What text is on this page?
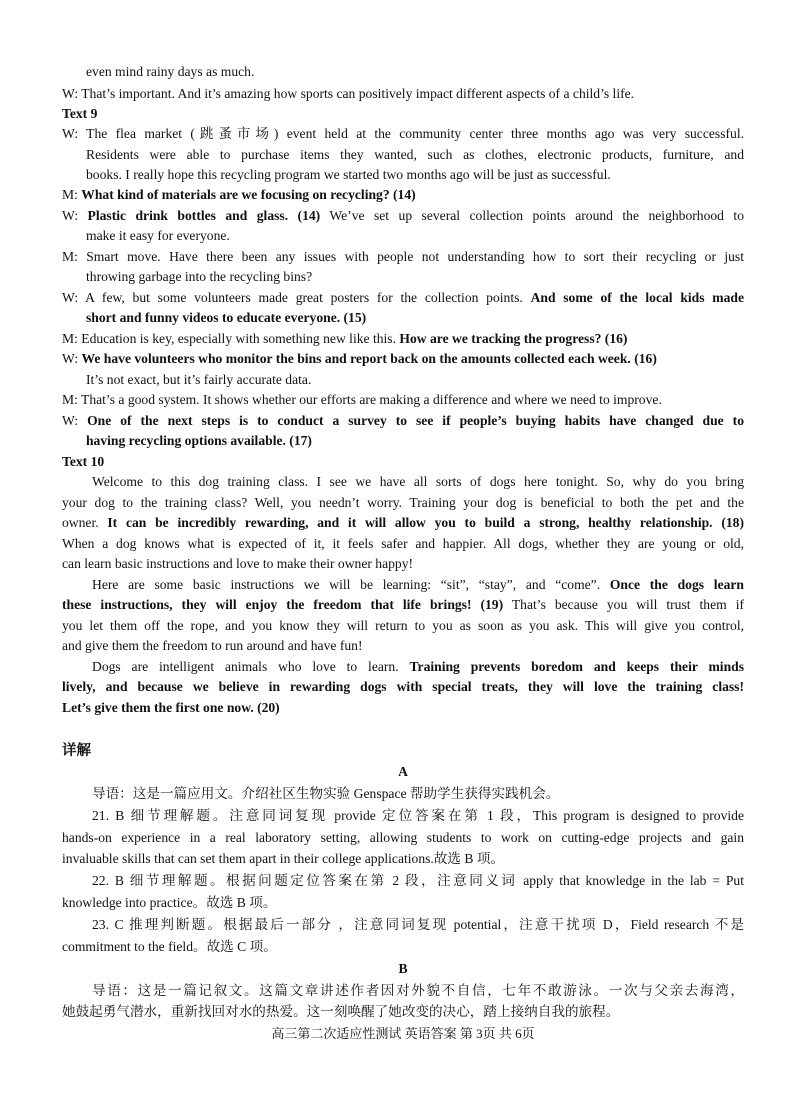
even mind rainy days as much.
W: That’s important. And it’s amazing how sports can positively impact different aspects of a child’s life.
Text 9
W: The flea market (跳蚤市场) event held at the community center three months ago was very successful.
Residents were able to purchase items they wanted, such as clothes, electronic products, furniture, and
books. I really hope this recycling program we started two months ago will be just as successful.
M: What kind of materials are we focusing on recycling? (14)
W: Plastic drink bottles and glass. (14) We’ve set up several collection points around the neighborhood to
make it easy for everyone.
M: Smart move. Have there been any issues with people not understanding how to sort their recycling or just
throwing garbage into the recycling bins?
W: A few, but some volunteers made great posters for the collection points. And some of the local kids made
short and funny videos to educate everyone. (15)
M: Education is key, especially with something new like this. How are we tracking the progress? (16)
W: We have volunteers who monitor the bins and report back on the amounts collected each week. (16)
It’s not exact, but it’s fairly accurate data.
M: That’s a good system. It shows whether our efforts are making a difference and where we need to improve.
W: One of the next steps is to conduct a survey to see if people’s buying habits have changed due to
having recycling options available. (17)
Text 10
Welcome to this dog training class. I see we have all sorts of dogs here tonight. So, why do you bring
your dog to the training class? Well, you needn’t worry. Training your dog is beneficial to both the pet and the
owner. It can be incredibly rewarding, and it will allow you to build a strong, healthy relationship. (18)
When a dog knows what is expected of it, it feels safer and happier. All dogs, whether they are young or old,
can learn basic instructions and love to make their owner happy!
Here are some basic instructions we will be learning: “sit”, “stay”, and “come”. Once the dogs learn
these instructions, they will enjoy the freedom that life brings! (19) That’s because you will trust them if
you let them off the rope, and you know they will return to you as soon as you ask. This will give you control,
and give them the freedom to run around and have fun!
Dogs are intelligent animals who love to learn. Training prevents boredom and keeps their minds
lively, and because we believe in rewarding dogs with special treats, they will love the training class!
Let’s give them the first one now. (20)
详解
A
导语：这是一篇应用文。介绍社区生物实验 Genspace 帮助学生获得实践机会。
21. B 细节理解题。注意同词复现 provide 定位答案在第 1 段，This program is designed to provide
hands-on experience in a real laboratory setting, allowing students to work on cutting-edge projects and gain
invaluable skills that can set them apart in their college applications.故选 B 项。
22. B 细节理解题。根据问题定位答案在第 2 段，注意同义词 apply that knowledge in the lab = Put
knowledge into practice。故选 B 项。
23. C 推理判断题。根据最后一部分 ，注意同词复现 potential，注意干扰项 D，Field research 不是
commitment to the field。故选 C 项。
B
导语：这是一篇记叙文。这篇文章讲述作者因对外貌不自信，七年不敢游泳。一次与父亲去海湾，
她鼓起勇气潜水，重新找回对水的热爱。这一刻唤醒了她改变的决心，踏上接纳自我的旅程。
高三第二次适应性测试 英语答案 第 3页 共 6页
